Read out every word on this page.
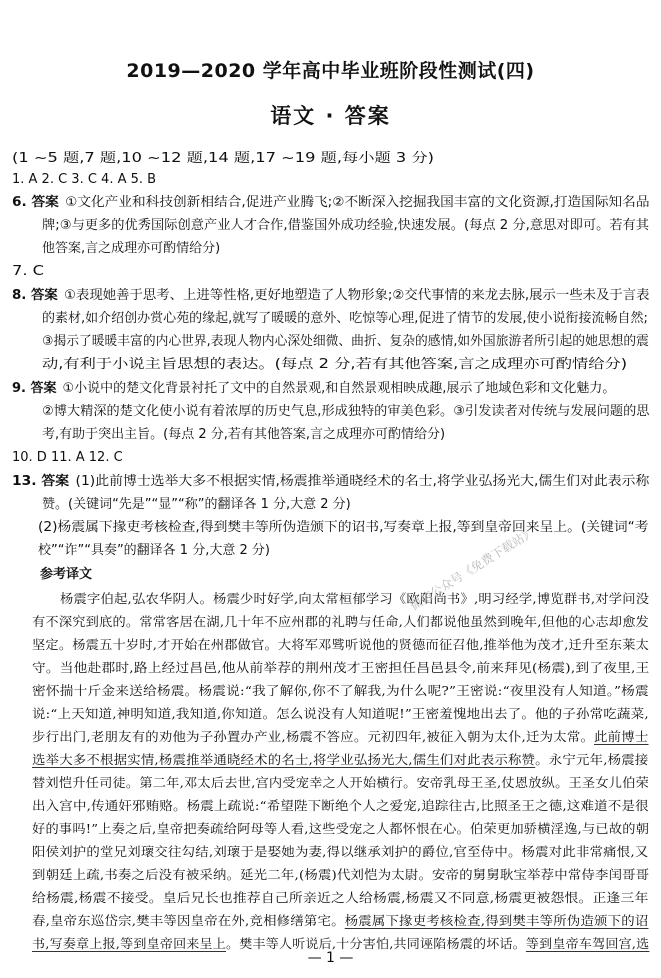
2019—2020 学年高中毕业班阶段性测试(四)
语文 · 答案
(1 ~5 题,7 题,10 ~12 题,14 题,17 ~19 题,每小题 3 分)
1. A 2. C 3. C 4. A 5. B
6. 答案 ①文化产业和科技创新相结合,促进产业腾飞;②不断深入挖掘我国丰富的文化资源,打造国际知名品
牌;③与更多的优秀国际创意产业人才合作,借鉴国外成功经验,快速发展。(每点 2 分,意思对即可。若有其
他答案,言之成理亦可酌情给分)
7. C
8. 答案 ①表现她善于思考、上进等性格,更好地塑造了人物形象;②交代事情的来龙去脉,展示一些未及于言表
的素材,如介绍创办赏心苑的缘起,就写了暖暖的意外、吃惊等心理,促进了情节的发展,使小说衔接流畅自然;
③揭示了暖暖丰富的内心世界,表现人物内心深处细微、曲折、复杂的感情,如外国旅游者所引起的她思想的震
动,有利于小说主旨思想的表达。(每点 2 分,若有其他答案,言之成理亦可酌情给分)
9. 答案 ①小说中的楚文化背景衬托了文中的自然景观,和自然景观相映成趣,展示了地域色彩和文化魅力。
②博大精深的楚文化使小说有着浓厚的历史气息,形成独特的审美色彩。③引发读者对传统与发展问题的思
考,有助于突出主旨。(每点 2 分,若有其他答案,言之成理亦可酌情给分)
10. D 11. A 12. C
13. 答案 (1)此前博士选举大多不根据实情,杨震推举通晓经术的名士,将学业弘扬光大,儒生们对此表示称
赞。(关键词“先是”“显”“称”的翻译各 1 分,大意 2 分)
(2)杨震属下掾吏考核检查,得到樊丰等所伪造颁下的诏书,写奏章上报,等到皇帝回来呈上。(关键词“考
校”“诈”“具奏”的翻译各 1 分,大意 2 分)
参考译文
杨震字伯起,弘农华阴人。杨震少时好学,向太常桓郁学习《欧阳尚书》,明习经学,博览群书,对学问没
有不深究到底的。常常客居在湖,几十年不应州郡的礼聘与任命,人们都说他虽然到晚年,但他的心志却愈发
坚定。杨震五十岁时,才开始在州郡做官。大将军邓骘听说他的贤德而征召他,推举他为茂才,迁升至东莱太
守。当他赴郡时,路上经过昌邑,他从前举荐的荆州茂才王密担任昌邑县令,前来拜见(杨震),到了夜里,王
密怀揣十斤金来送给杨震。杨震说:“我了解你,你不了解我,为什么呢?”王密说:“夜里没有人知道。”杨震
说:“上天知道,神明知道,我知道,你知道。怎么说没有人知道呢!”王密羞愧地出去了。他的子孙常吃蔬菜,
步行出门,老朋友有的劝他为子孙置办产业,杨震不答应。元初四年,被征入朝为太仆,迁为太常。此前博士
选举大多不根据实情,杨震推举通晓经术的名士,将学业弘扬光大,儒生们对此表示称赞。永宁元年,杨震接
替刘恺升任司徒。第二年,邓太后去世,宫内受宠幸之人开始横行。安帝乳母王圣,仗恩放纵。王圣女儿伯荣
出入宫中,传通奸邪贿赂。杨震上疏说:“希望陛下断绝个人之爱宠,追踪往古,比照圣王之德,这难道不是很
好的事吗!”上奏之后,皇帝把奏疏给阿母等人看,这些受宠之人都怀恨在心。伯荣更加骄横淫逸,与已故的朝
阳侯刘护的堂兄刘瓌交往勾结,刘瓌于是娶她为妻,得以继承刘护的爵位,官至侍中。杨震对此非常痛恨,又
到朝廷上疏,书奏之后没有被采纳。延光二年,(杨震)代刘恺为太尉。安帝的舅舅耿宝举荐中常侍李闰哥哥
给杨震,杨震不接受。皇后兄长也推荐自己所亲近之人给杨震,杨震又不同意,杨震更被怨恨。正逢三年
春,皇帝东巡岱宗,樊丰等因皇帝在外,竞相修缮第宅。杨震属下掾吏考核检查,得到樊丰等所伪造颁下的诏
书,写奏章上报,等到皇帝回来呈上。樊丰等人听说后,十分害怕,共同诬陷杨震的坏话。等到皇帝车驾回宫,选
微信公众号《免费下载站》
— 1 —
